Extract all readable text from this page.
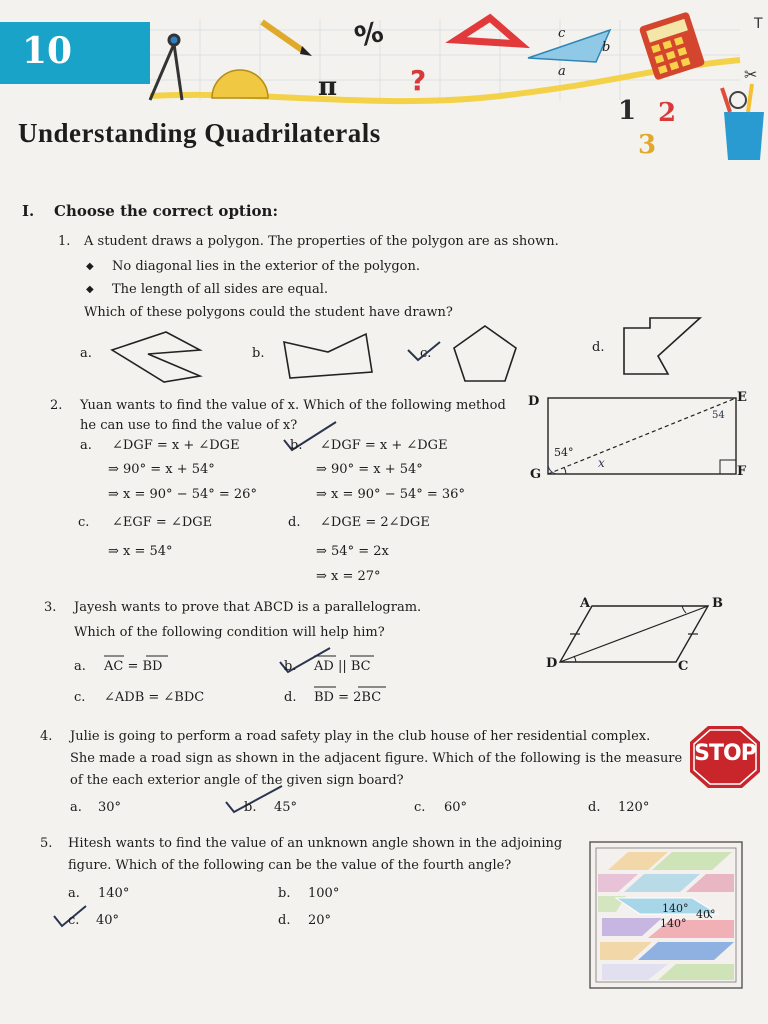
10
✂
T
%
π	?
c
b
a
1 2
3
Understanding Quadrilaterals
I. Choose the correct option:
1. A student draws a polygon. The properties of the polygon are as shown.
◆ No diagonal lies in the exterior of the polygon.
◆ The length of all sides are equal.
Which of these polygons could the student have drawn?
a.	b.	c.	d.
2. Yuan wants to find the value of x. Which of the following method
he can use to find the value of x?
a. ∠DGF = x + ∠DGE
⇒ 90° = x + 54°
⇒ x = 90° − 54° = 26°
b. ∠DGF = x + ∠DGE
⇒ 90° = x + 54°
⇒ x = 90° − 54° = 36°
c. ∠EGF = ∠DGE
⇒ x = 54°
d. ∠DGE = 2∠DGE
⇒ 54° = 2x
⇒ x = 27°
D	E
G	F
54°
x
54
3. Jayesh wants to prove that ABCD is a parallelogram.
Which of the following condition will help him?
a. AC = BD	b. AD || BC
c. ∠ADB = ∠BDC	d. BD = 2BC
A	B
C
D
4. Julie is going to perform a road safety play in the club house of her residential complex.
She made a road sign as shown in the adjacent figure. Which of the following is the measure
of the each exterior angle of the given sign board?
a. 30°	b. 45°	c. 60°	d. 120°
STOP
5. Hitesh wants to find the value of an unknown angle shown in the adjoining
figure. Which of the following can be the value of the fourth angle?
a. 140°	b. 100°
c. 40°	d. 20°
140°
140°
40°
